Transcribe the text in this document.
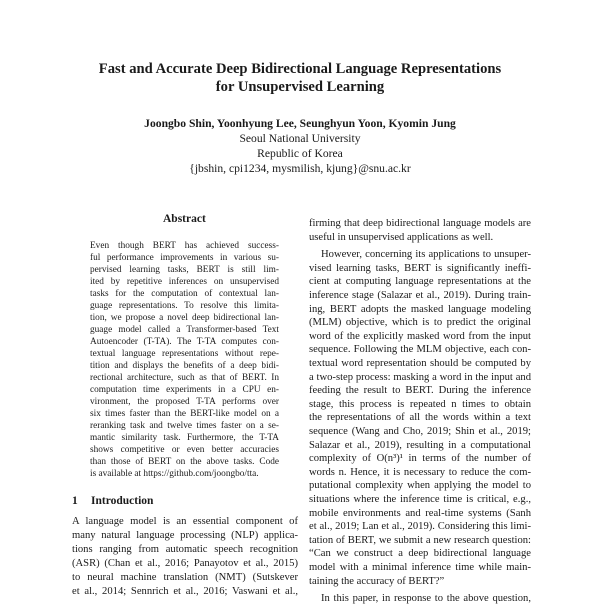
Fast and Accurate Deep Bidirectional Language Representations
for Unsupervised Learning
Joongbo Shin, Yoonhyung Lee, Seunghyun Yoon, Kyomin Jung
Seoul National University
Republic of Korea
{jbshin, cpi1234, mysmilish, kjung}@snu.ac.kr
Abstract
Even though BERT has achieved success-
ful performance improvements in various su-
pervised learning tasks, BERT is still lim-
ited by repetitive inferences on unsupervised
tasks for the computation of contextual lan-
guage representations. To resolve this limita-
tion, we propose a novel deep bidirectional lan-
guage model called a Transformer-based Text
Autoencoder (T-TA). The T-TA computes con-
textual language representations without repe-
tition and displays the benefits of a deep bidi-
rectional architecture, such as that of BERT. In
computation time experiments in a CPU en-
vironment, the proposed T-TA performs over
six times faster than the BERT-like model on a
reranking task and twelve times faster on a se-
mantic similarity task. Furthermore, the T-TA
shows competitive or even better accuracies
than those of BERT on the above tasks. Code
is available at https://github.com/joongbo/tta.
1 Introduction
A language model is an essential component of
many natural language processing (NLP) applica-
tions ranging from automatic speech recognition
(ASR) (Chan et al., 2016; Panayotov et al., 2015)
to neural machine translation (NMT) (Sutskever
et al., 2014; Sennrich et al., 2016; Vaswani et al.,
firming that deep bidirectional language models are
useful in unsupervised applications as well.
However, concerning its applications to unsuper-
vised learning tasks, BERT is significantly ineffi-
cient at computing language representations at the
inference stage (Salazar et al., 2019). During train-
ing, BERT adopts the masked language modeling
(MLM) objective, which is to predict the original
word of the explicitly masked word from the input
sequence. Following the MLM objective, each con-
textual word representation should be computed by
a two-step process: masking a word in the input and
feeding the result to BERT. During the inference
stage, this process is repeated n times to obtain
the representations of all the words within a text
sequence (Wang and Cho, 2019; Shin et al., 2019;
Salazar et al., 2019), resulting in a computational
complexity of O(n³)¹ in terms of the number of
words n. Hence, it is necessary to reduce the com-
putational complexity when applying the model to
situations where the inference time is critical, e.g.,
mobile environments and real-time systems (Sanh
et al., 2019; Lan et al., 2019). Considering this limi-
tation of BERT, we submit a new research question:
“Can we construct a deep bidirectional language
model with a minimal inference time while main-
taining the accuracy of BERT?”
In this paper, in response to the above question,
